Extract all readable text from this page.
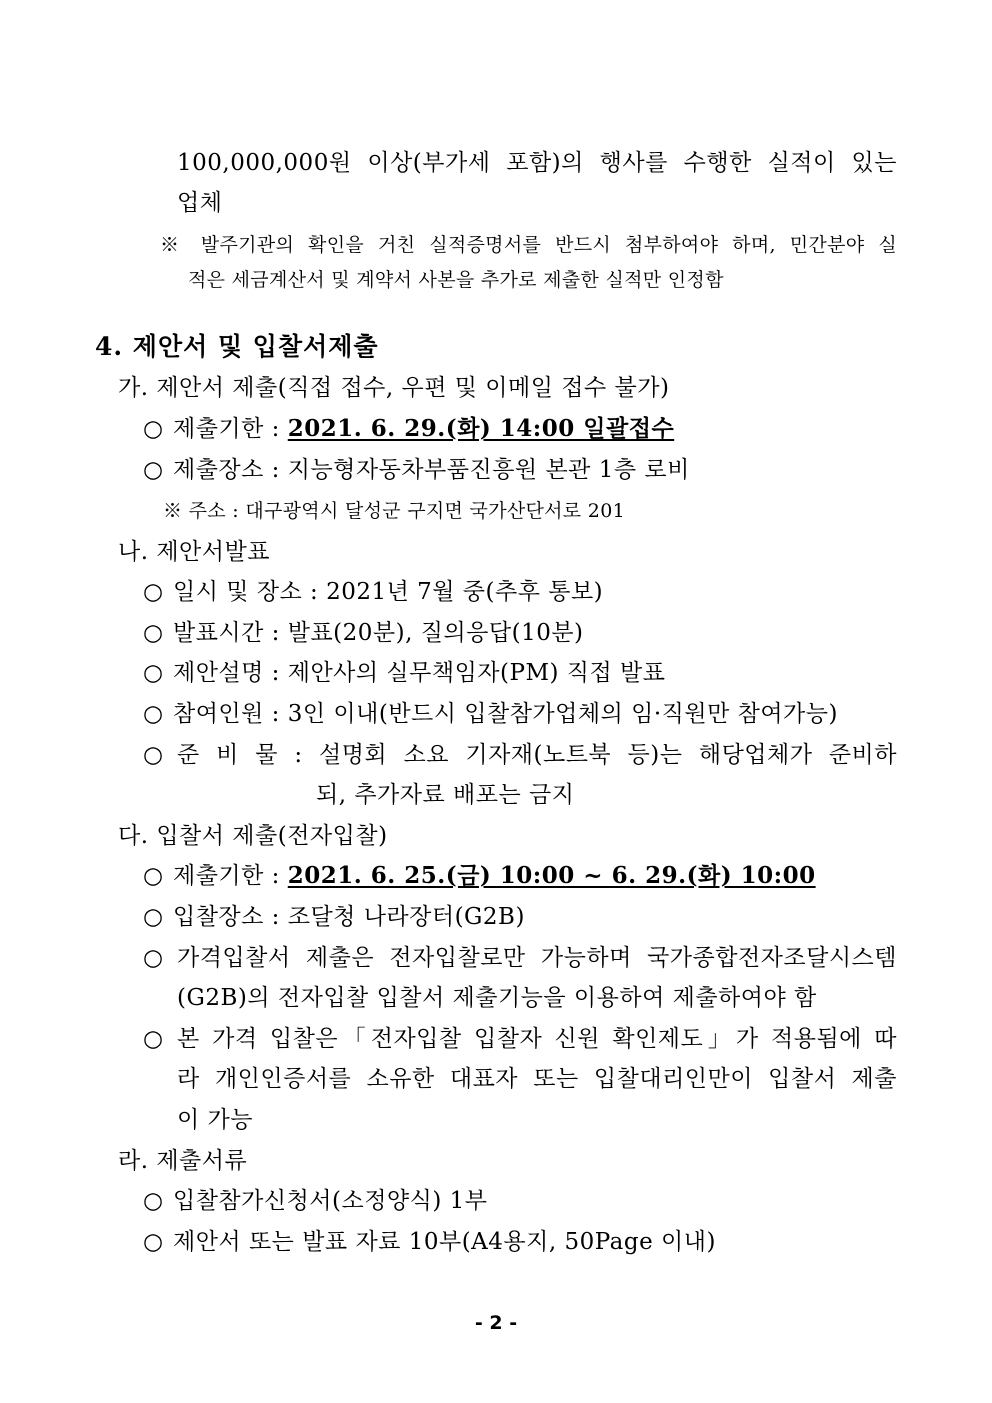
100,000,000원 이상(부가세 포함)의 행사를 수행한 실적이 있는
업체
※ 발주기관의 확인을 거친 실적증명서를 반드시 첨부하여야 하며, 민간분야 실
적은 세금계산서 및 계약서 사본을 추가로 제출한 실적만 인정함
4. 제안서 및 입찰서제출
가. 제안서 제출(직접 접수, 우편 및 이메일 접수 불가)
○ 제출기한 : 2021. 6. 29.(화) 14:00 일괄접수
○ 제출장소 : 지능형자동차부품진흥원 본관 1층 로비
※ 주소 : 대구광역시 달성군 구지면 국가산단서로 201
나. 제안서발표
○ 일시 및 장소 : 2021년 7월 중(추후 통보)
○ 발표시간 : 발표(20분), 질의응답(10분)
○ 제안설명 : 제안사의 실무책임자(PM) 직접 발표
○ 참여인원 : 3인 이내(반드시 입찰참가업체의 임·직원만 참여가능)
○ 준 비 물 : 설명회 소요 기자재(노트북 등)는 해당업체가 준비하
되, 추가자료 배포는 금지
다. 입찰서 제출(전자입찰)
○ 제출기한 : 2021. 6. 25.(금) 10:00 ~ 6. 29.(화) 10:00
○ 입찰장소 : 조달청 나라장터(G2B)
○ 가격입찰서 제출은 전자입찰로만 가능하며 국가종합전자조달시스템
(G2B)의 전자입찰 입찰서 제출기능을 이용하여 제출하여야 함
○ 본 가격 입찰은「전자입찰 입찰자 신원 확인제도」가 적용됨에 따
라 개인인증서를 소유한 대표자 또는 입찰대리인만이 입찰서 제출
이 가능
라. 제출서류
○ 입찰참가신청서(소정양식) 1부
○ 제안서 또는 발표 자료 10부(A4용지, 50Page 이내)
- 2 -
